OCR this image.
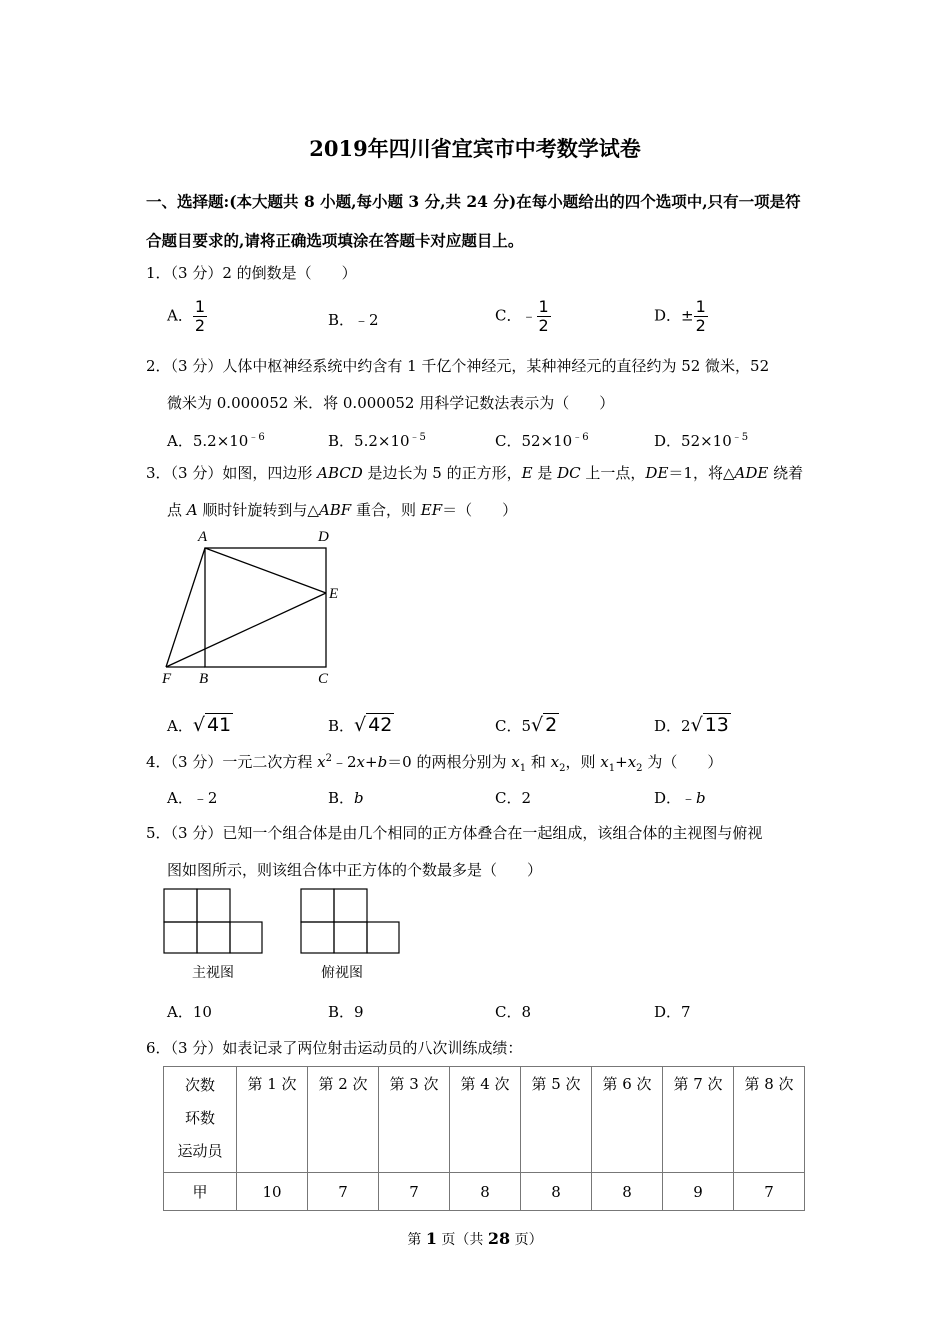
2019年四川省宜宾市中考数学试卷
一、选择题:(本大题共 8 小题,每小题 3 分,共 24 分)在每小题给出的四个选项中,只有一项是符
合题目要求的,请将正确选项填涂在答题卡对应题目上。
1．（3 分）2 的倒数是（　　）
A． $\frac{1}{2}$	B．﹣2	C．﹣ $\frac{1}{2}$	D．± $\frac{1}{2}$
2．（3 分）人体中枢神经系统中约含有 1 千亿个神经元，某种神经元的直径约为 52 微米，52
微米为 0.000052 米．将 0.000052 用科学记数法表示为（　　）
A．$5.2\times 10^{﹣6}$	B．$5.2\times 10^{﹣5}$	C．$52\times 10^{﹣6}$	D．$52\times 10^{﹣5}$
3．（3 分）如图，四边形 ABCD 是边长为 5 的正方形，E 是 DC 上一点，DE＝1，将△ADE 绕着
点 A 顺时针旋转到与△ABF 重合，则 EF＝（　　）
A	D
E
F B	C
A．√ 41	B．√ 42	C．5√ 2	D．2√ 13
4．（3 分）一元二次方程 $x^2﹣2x+b=0$ 的两根分别为 $x_1$ 和 $x_2$，则 $x_1+x_2$ 为（　　）
A．﹣2	B．b	C．2	D．﹣b
5．（3 分）已知一个组合体是由几个相同的正方体叠合在一起组成，该组合体的主视图与俯视
图如图所示，则该组合体中正方体的个数最多是（　　）
主视图	俯视图
A．10	B．9	C．8	D．7
6．（3 分）如表记录了两位射击运动员的八次训练成绩：
次数
环数
运动员	第 1 次	第 2 次	第 3 次	第 4 次	第 5 次	第 6 次	第 7 次	第 8 次
甲	10	7	7	8	8	8	9	7
第 1 页（共 28 页）
